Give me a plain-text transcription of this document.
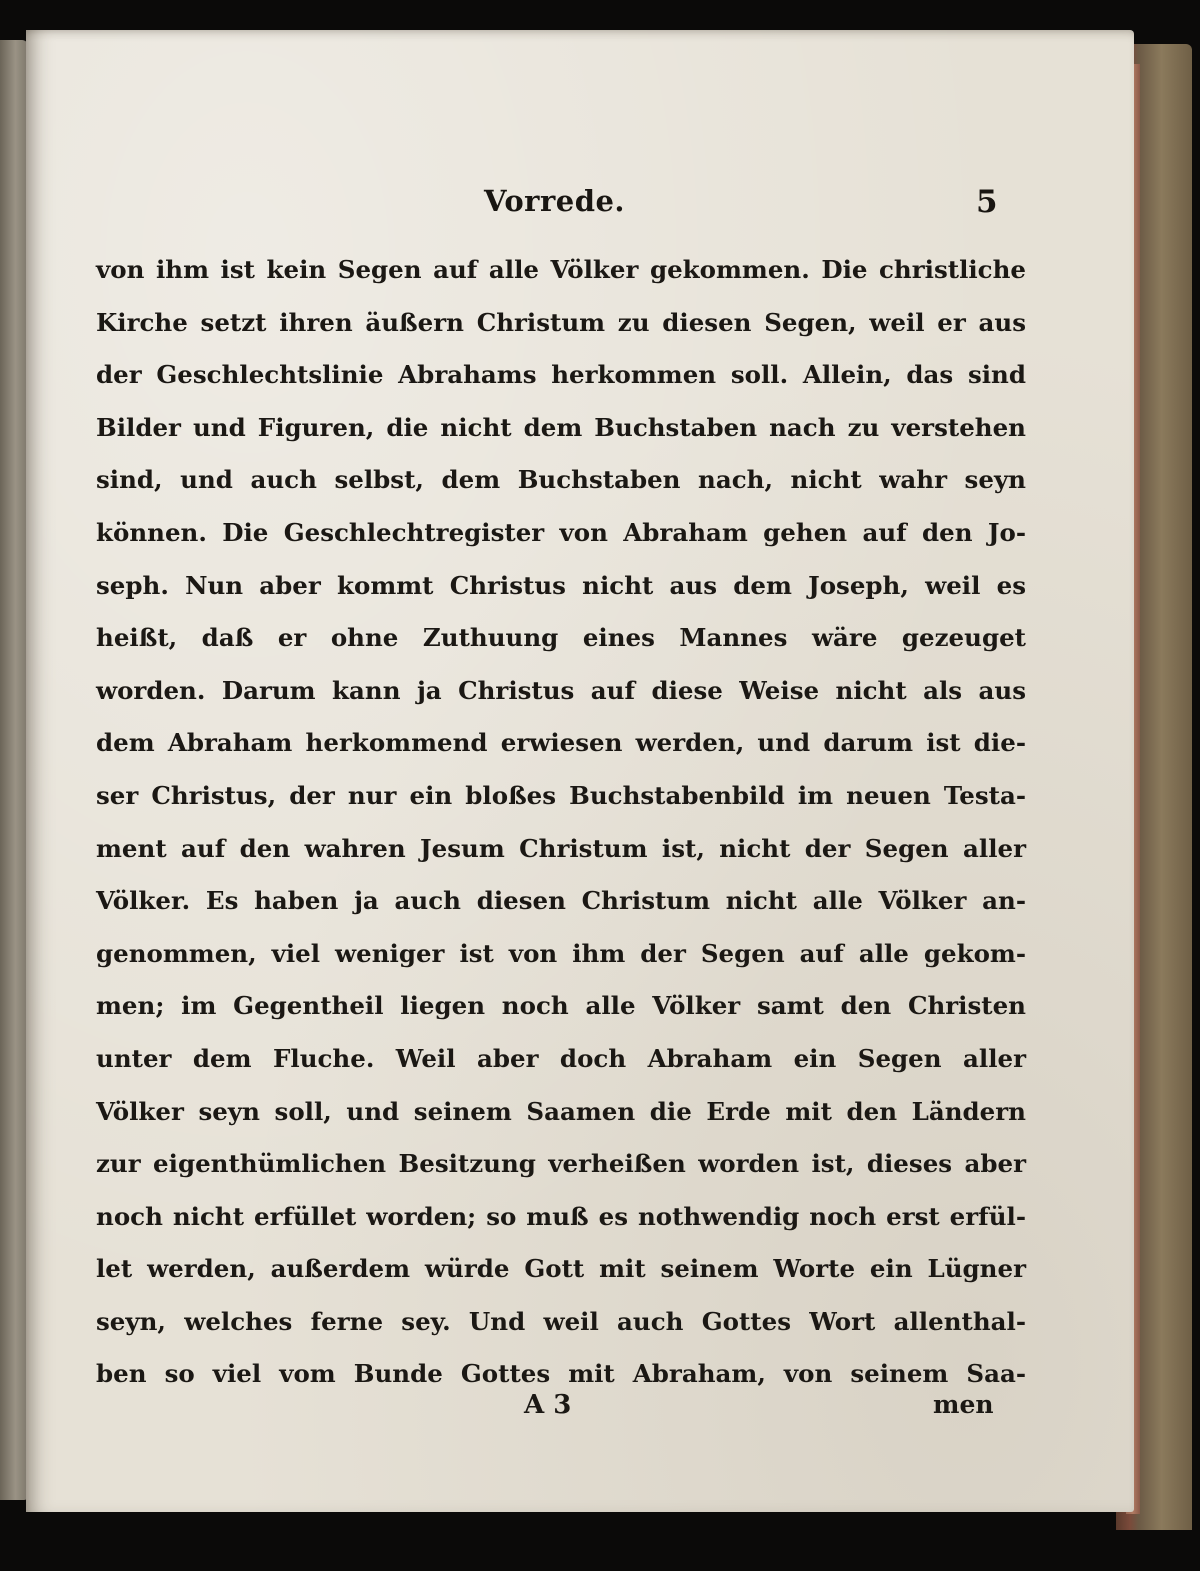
Vorrede.	5
von ihm ist kein Segen auf alle Völker gekommen. Die christliche
Kirche setzt ihren äußern Christum zu diesen Segen, weil er aus
der Geschlechtslinie Abrahams herkommen soll. Allein, das sind
Bilder und Figuren, die nicht dem Buchstaben nach zu verstehen
sind, und auch selbst, dem Buchstaben nach, nicht wahr seyn
können. Die Geschlechtregister von Abraham gehen auf den Jo-
seph. Nun aber kommt Christus nicht aus dem Joseph, weil es
heißt, daß er ohne Zuthuung eines Mannes wäre gezeuget
worden. Darum kann ja Christus auf diese Weise nicht als aus
dem Abraham herkommend erwiesen werden, und darum ist die-
ser Christus, der nur ein bloßes Buchstabenbild im neuen Testa-
ment auf den wahren Jesum Christum ist, nicht der Segen aller
Völker. Es haben ja auch diesen Christum nicht alle Völker an-
genommen, viel weniger ist von ihm der Segen auf alle gekom-
men; im Gegentheil liegen noch alle Völker samt den Christen
unter dem Fluche. Weil aber doch Abraham ein Segen aller
Völker seyn soll, und seinem Saamen die Erde mit den Ländern
zur eigenthümlichen Besitzung verheißen worden ist, dieses aber
noch nicht erfüllet worden; so muß es nothwendig noch erst erfül-
let werden, außerdem würde Gott mit seinem Worte ein Lügner
seyn, welches ferne sey. Und weil auch Gottes Wort allenthal-
ben so viel vom Bunde Gottes mit Abraham, von seinem Saa-
A 3	men
